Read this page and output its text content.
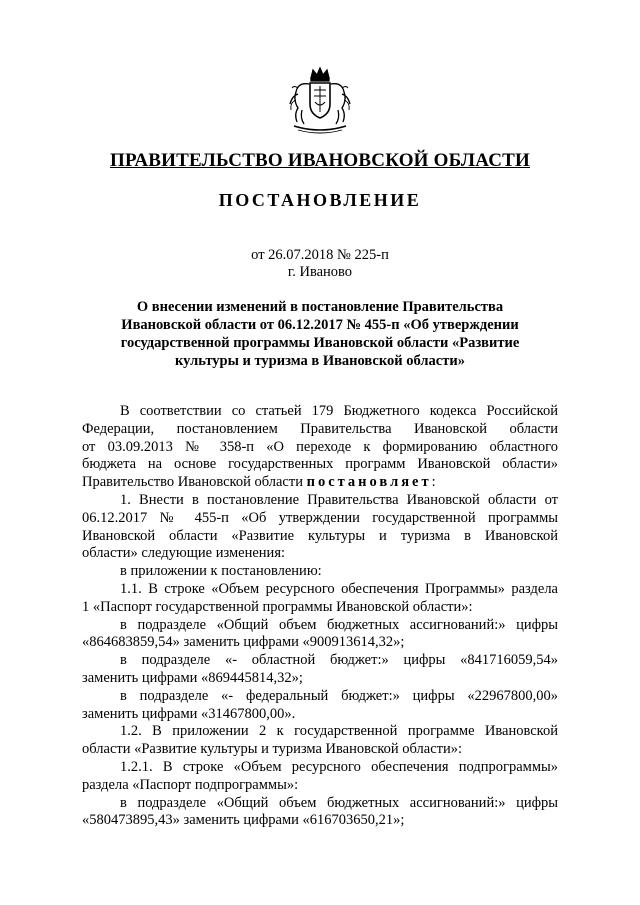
ПРАВИТЕЛЬСТВО ИВАНОВСКОЙ ОБЛАСТИ
ПОСТАНОВЛЕНИЕ
от 26.07.2018 № 225-п
г. Иваново
О внесении изменений в постановление Правительства
Ивановской области от 06.12.2017 № 455-п «Об утверждении
государственной программы Ивановской области «Развитие
культуры и туризма в Ивановской области»

В соответствии со статьей 179 Бюджетного кодекса Российской

Федерации, постановлением Правительства Ивановской области

от 03.09.2013 № 358-п «О переходе к формированию областного

бюджета на основе государственных программ Ивановской области»

Правительство Ивановской области постановляет:

1. Внести в постановление Правительства Ивановской области от

06.12.2017 № 455-п «Об утверждении государственной программы

Ивановской области «Развитие культуры и туризма в Ивановской

области» следующие изменения:

в приложении к постановлению:

1.1. В строке «Объем ресурсного обеспечения Программы» раздела

1 «Паспорт государственной программы Ивановской области»:

в подразделе «Общий объем бюджетных ассигнований:» цифры

«864683859,54» заменить цифрами «900913614,32»;

в подразделе «- областной бюджет:» цифры «841716059,54»

заменить цифрами «869445814,32»;

в подразделе «- федеральный бюджет:» цифры «22967800,00»

заменить цифрами «31467800,00».

1.2. В приложении 2 к государственной программе Ивановской

области «Развитие культуры и туризма Ивановской области»:

1.2.1. В строке «Объем ресурсного обеспечения подпрограммы»

раздела «Паспорт подпрограммы»:

в подразделе «Общий объем бюджетных ассигнований:» цифры

«580473895,43» заменить цифрами «616703650,21»;
